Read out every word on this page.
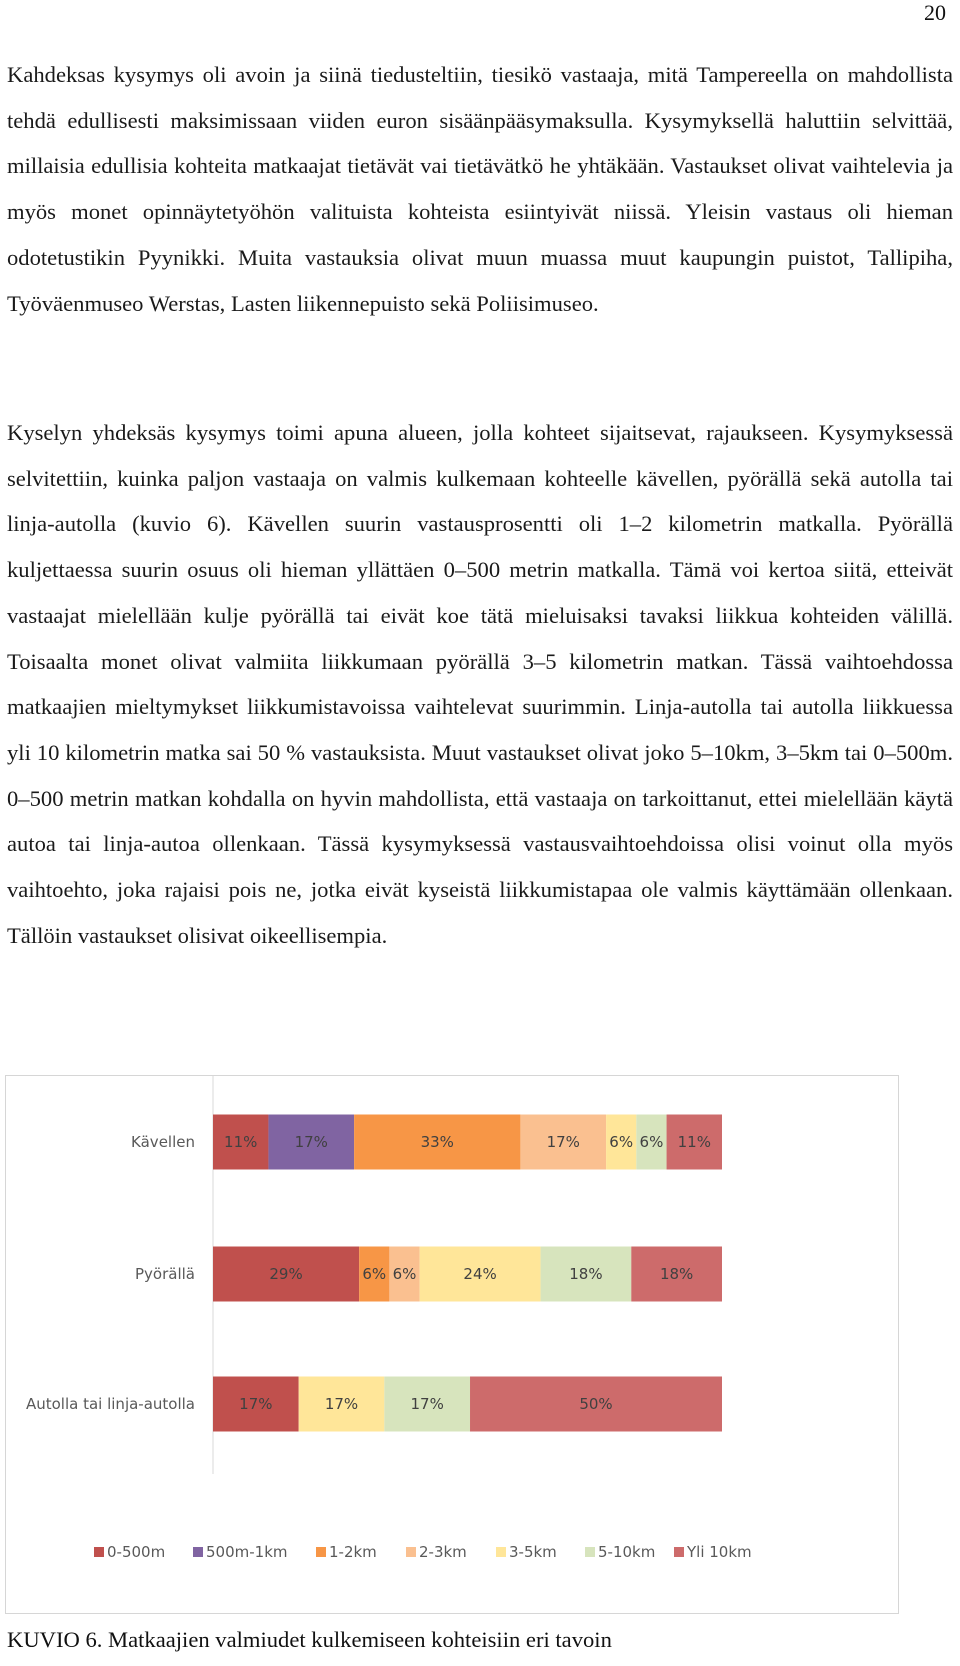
20

Kahdeksas kysymys oli avoin ja siinä tiedusteltiin, tiesikö vastaaja, mitä Tampereella on mahdollista tehdä edullisesti maksimissaan viiden euron sisäänpääsymaksulla. Kysymyksellä haluttiin selvittää, millaisia edullisia kohteita matkaajat tietävät vai tietävätkö he yhtäkään. Vastaukset olivat vaihtelevia ja myös monet opinnäytetyöhön valituista kohteista esiintyivät niissä. Yleisin vastaus oli hieman odotetustikin Pyynikki. Muita vastauksia olivat muun muassa muut kaupungin puistot, Tallipiha, Työväenmuseo Werstas, Lasten liikennepuisto sekä Poliisimuseo.

Kyselyn yhdeksäs kysymys toimi apuna alueen, jolla kohteet sijaitsevat, rajaukseen. Kysymyksessä selvitettiin, kuinka paljon vastaaja on valmis kulkemaan kohteelle kävellen, pyörällä sekä autolla tai linja-autolla (kuvio 6). Kävellen suurin vastausprosentti oli 1–2 kilometrin matkalla. Pyörällä kuljettaessa suurin osuus oli hieman yllättäen 0–500 metrin matkalla. Tämä voi kertoa siitä, etteivät vastaajat mielellään kulje pyörällä tai eivät koe tätä mieluisaksi tavaksi liikkua kohteiden välillä. Toisaalta monet olivat valmiita liikkumaan pyörällä 3–5 kilometrin matkan. Tässä vaihtoehdossa matkaajien mieltymykset liikkumistavoissa vaihtelevat suurimmin. Linja-autolla tai autolla liikkuessa yli 10 kilometrin matka sai 50 % vastauksista. Muut vastaukset olivat joko 5–10km, 3–5km tai 0–500m. 0–500 metrin matkan kohdalla on hyvin mahdollista, että vastaaja on tarkoittanut, ettei mielellään käytä autoa tai linja-autoa ollenkaan. Tässä kysymyksessä vastausvaihtoehdoissa olisi voinut olla myös vaihtoehto, joka rajaisi pois ne, jotka eivät kyseistä liikkumistapaa ole valmis käyttämään ollenkaan. Tällöin vastaukset olisivat oikeellisempia.

Kävellen 11% 17%	33%	17% 6% 6% 11%
Pyörällä	29%	6% 6%	24%	18%	18%
Autolla tai linja-autolla	17%	17%	17%	50%
0-500m	500m-1km	1-2km	2-3km	3-5km	5-10km Yli 10km

KUVIO 6. Matkaajien valmiudet kulkemiseen kohteisiin eri tavoin
